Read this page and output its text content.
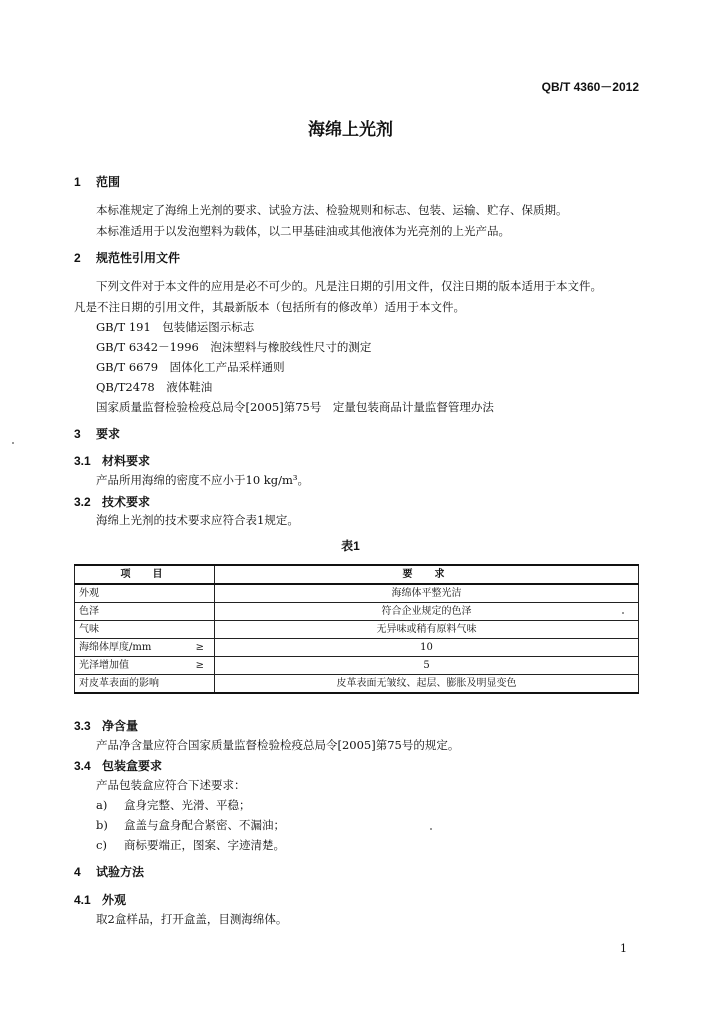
QB/T 4360－2012
海绵上光剂
1 范围
本标准规定了海绵上光剂的要求、试验方法、检验规则和标志、包装、运输、贮存、保质期。
本标准适用于以发泡塑料为载体，以二甲基硅油或其他液体为光亮剂的上光产品。
2 规范性引用文件
下列文件对于本文件的应用是必不可少的。凡是注日期的引用文件，仅注日期的版本适用于本文件。
凡是不注日期的引用文件，其最新版本（包括所有的修改单）适用于本文件。
GB/T 191　包装储运图示标志
GB/T 6342－1996　泡沫塑料与橡胶线性尺寸的测定
GB/T 6679　固体化工产品采样通则
QB/T2478　液体鞋油
国家质量监督检验检疫总局令[2005]第75号　定量包装商品计量监督管理办法
3 要求
3.1 材料要求
产品所用海绵的密度不应小于10 kg/m³。
3.2 技术要求
海绵上光剂的技术要求应符合表1规定。
表1
项　目	要　求
外观	海绵体平整光洁
色泽	符合企业规定的色泽
气味	无异味或稍有原料气味
海绵体厚度/mm ≥	10
光泽增加值 ≥	5
对皮革表面的影响	皮革表面无皱纹、起层、膨胀及明显变色
3.3 净含量
产品净含量应符合国家质量监督检验检疫总局令[2005]第75号的规定。
3.4 包装盒要求
产品包装盒应符合下述要求：
a) 盒身完整、光滑、平稳；
b) 盒盖与盒身配合紧密、不漏油；
c) 商标要端正，图案、字迹清楚。
4 试验方法
4.1 外观
取2盒样品，打开盒盖，目测海绵体。
1
